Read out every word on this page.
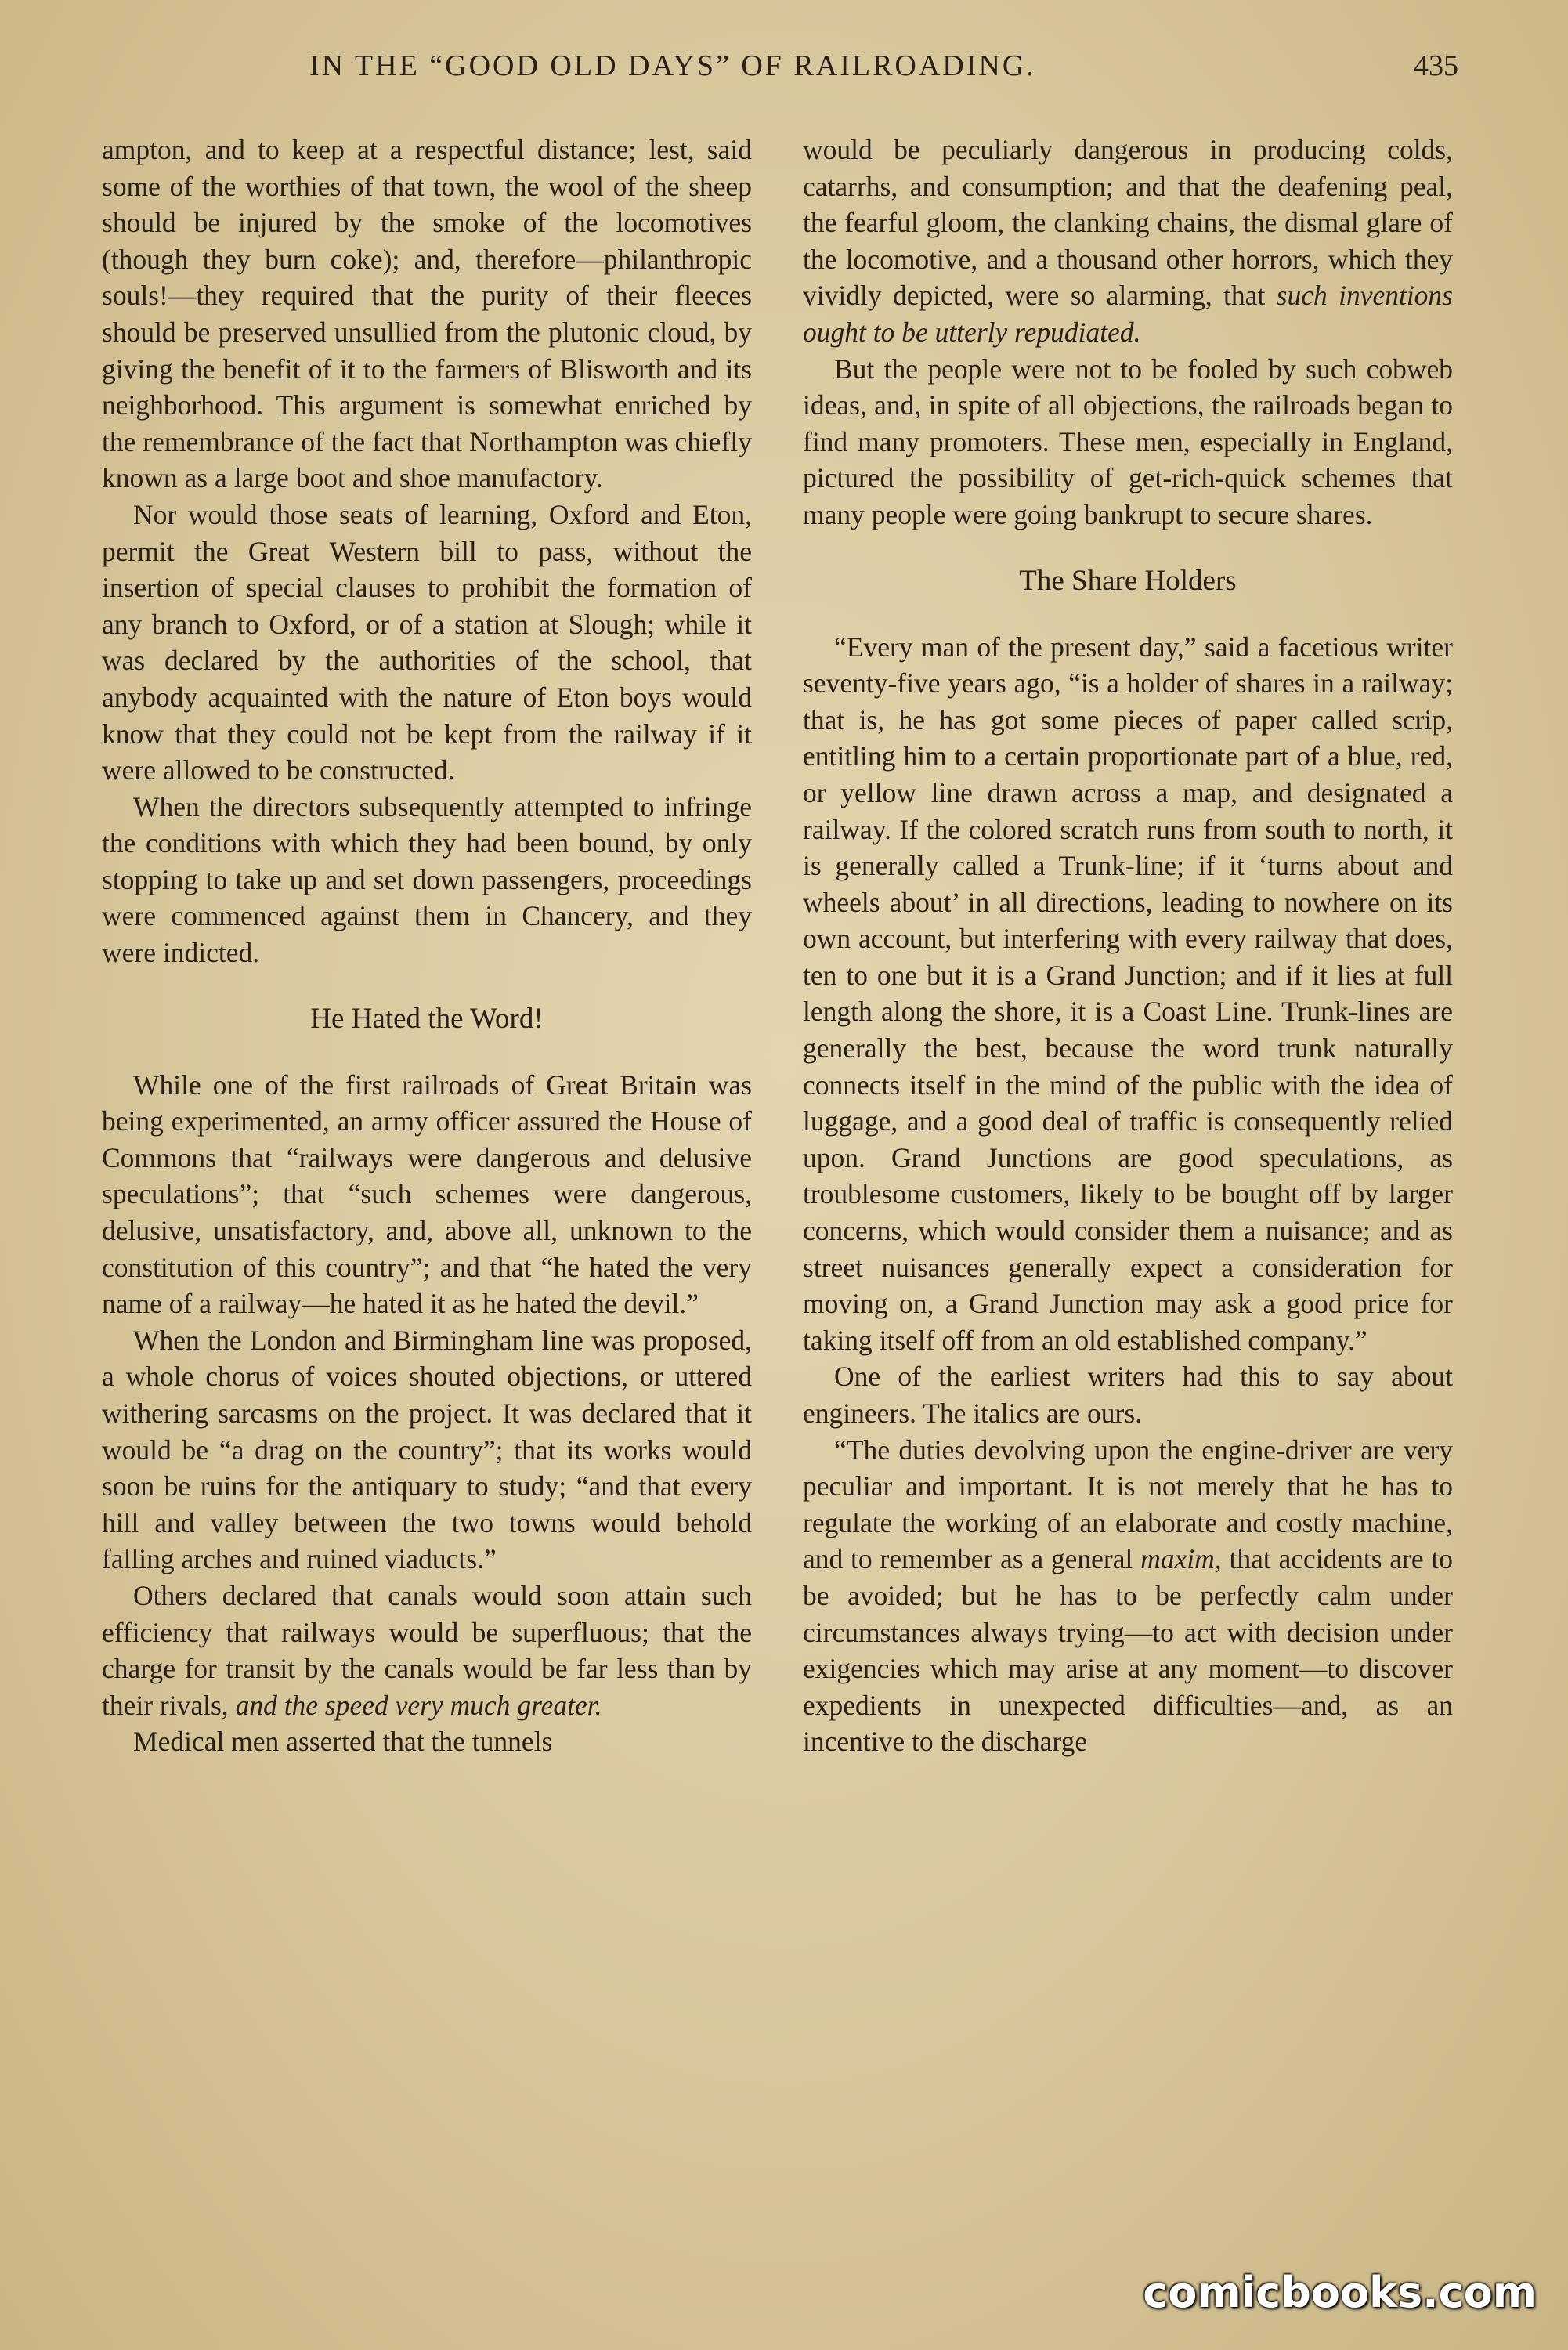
IN THE “GOOD OLD DAYS” OF RAILROADING.	435

ampton, and to keep at a respectful distance; lest, said some of the worthies of that town, the wool of the sheep should be injured by the smoke of the locomotives (though they burn coke); and, therefore—philanthropic souls!—they required that the purity of their fleeces should be preserved unsullied from the plutonic cloud, by giving the benefit of it to the farmers of Blisworth and its neighborhood. This argument is somewhat enriched by the remembrance of the fact that Northampton was chiefly known as a large boot and shoe manufactory.

Nor would those seats of learning, Oxford and Eton, permit the Great Western bill to pass, without the insertion of special clauses to prohibit the formation of any branch to Oxford, or of a station at Slough; while it was declared by the authorities of the school, that anybody acquainted with the nature of Eton boys would know that they could not be kept from the railway if it were allowed to be constructed.

When the directors subsequently attempted to infringe the conditions with which they had been bound, by only stopping to take up and set down passengers, proceedings were commenced against them in Chancery, and they were indicted.

He Hated the Word!

While one of the first railroads of Great Britain was being experimented, an army officer assured the House of Commons that “railways were dangerous and delusive speculations”; that “such schemes were dangerous, delusive, unsatisfactory, and, above all, unknown to the constitution of this country”; and that “he hated the very name of a railway—he hated it as he hated the devil.”

When the London and Birmingham line was proposed, a whole chorus of voices shouted objections, or uttered withering sarcasms on the project. It was declared that it would be “a drag on the country”; that its works would soon be ruins for the antiquary to study; “and that every hill and valley between the two towns would behold falling arches and ruined viaducts.”

Others declared that canals would soon attain such efficiency that railways would be superfluous; that the charge for transit by the canals would be far less than by their rivals, and the speed very much greater.

Medical men asserted that the tunnels

would be peculiarly dangerous in producing colds, catarrhs, and consumption; and that the deafening peal, the fearful gloom, the clanking chains, the dismal glare of the locomotive, and a thousand other horrors, which they vividly depicted, were so alarming, that such inventions ought to be utterly repudiated.

But the people were not to be fooled by such cobweb ideas, and, in spite of all objections, the railroads began to find many promoters. These men, especially in England, pictured the possibility of get-rich-quick schemes that many people were going bankrupt to secure shares.

The Share Holders

“Every man of the present day,” said a facetious writer seventy-five years ago, “is a holder of shares in a railway; that is, he has got some pieces of paper called scrip, entitling him to a certain proportionate part of a blue, red, or yellow line drawn across a map, and designated a railway. If the colored scratch runs from south to north, it is generally called a Trunk-line; if it ‘turns about and wheels about’ in all directions, leading to nowhere on its own account, but interfering with every railway that does, ten to one but it is a Grand Junction; and if it lies at full length along the shore, it is a Coast Line. Trunk-lines are generally the best, because the word trunk naturally connects itself in the mind of the public with the idea of luggage, and a good deal of traffic is consequently relied upon. Grand Junctions are good speculations, as troublesome customers, likely to be bought off by larger concerns, which would consider them a nuisance; and as street nuisances generally expect a consideration for moving on, a Grand Junction may ask a good price for taking itself off from an old established company.”

One of the earliest writers had this to say about engineers. The italics are ours.

“The duties devolving upon the engine-driver are very peculiar and important. It is not merely that he has to regulate the working of an elaborate and costly machine, and to remember as a general maxim, that accidents are to be avoided; but he has to be perfectly calm under circumstances always trying—to act with decision under exigencies which may arise at any moment—to discover expedients in unexpected difficulties—and, as an incentive to the discharge

comicbooks.com
